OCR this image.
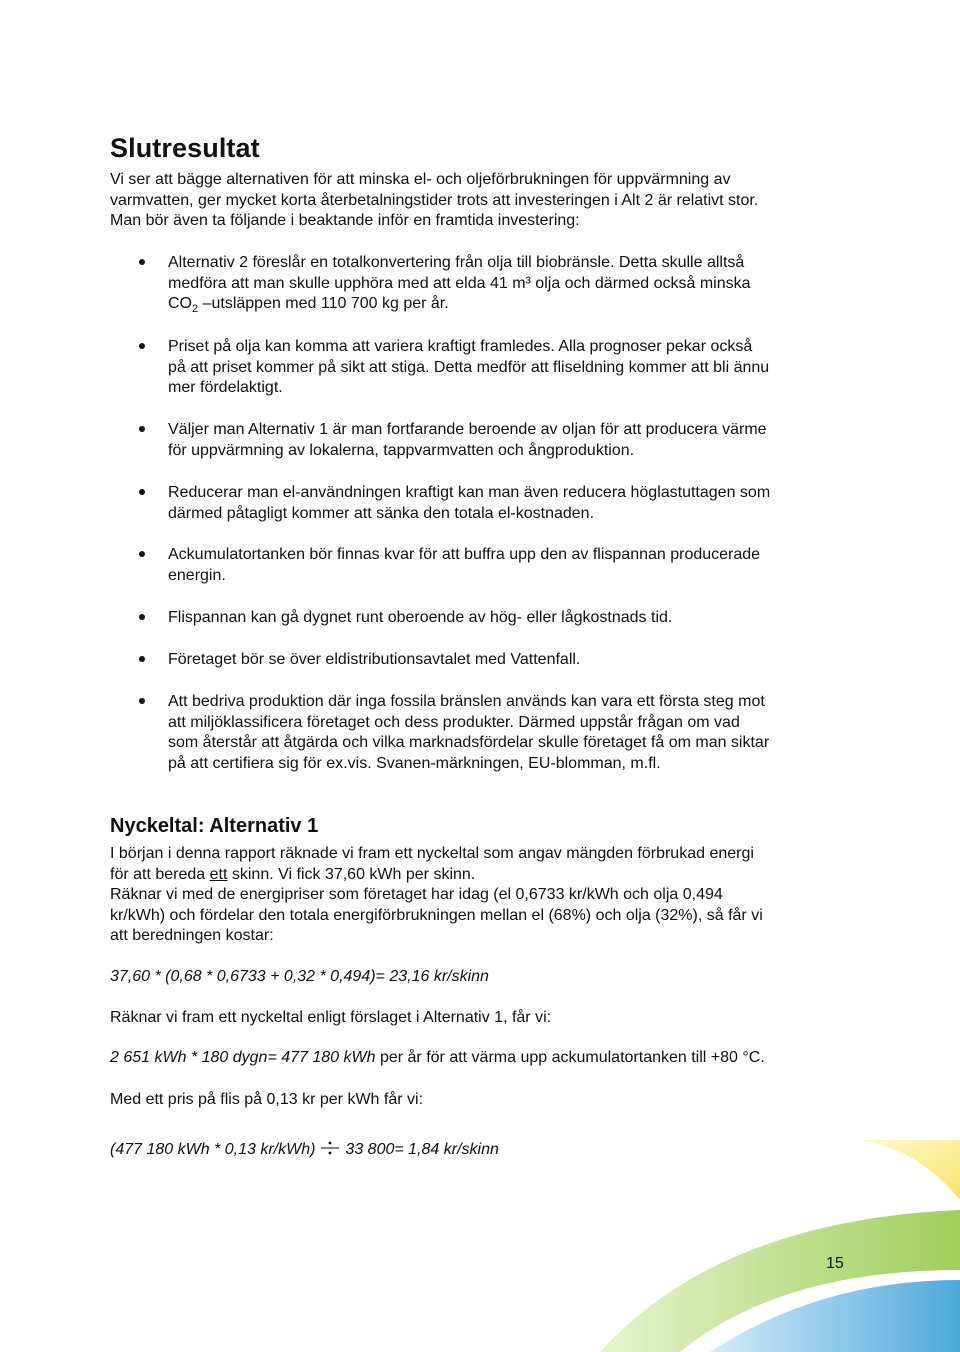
Slutresultat

Vi ser att bägge alternativen för att minska el- och oljeförbrukningen för uppvärmning av

varmvatten, ger mycket korta återbetalningstider trots att investeringen i Alt 2 är relativt stor.

Man bör även ta följande i beaktande inför en framtida investering:

Alternativ 2 föreslår en totalkonvertering från olja till biobränsle. Detta skulle alltså
medföra att man skulle upphöra med att elda 41 m³ olja och därmed också minska
$CO_2$ –utsläppen med 110 700 kg per år.
Priset på olja kan komma att variera kraftigt framledes. Alla prognoser pekar också
på att priset kommer på sikt att stiga. Detta medför att fliseldning kommer att bli ännu
mer fördelaktigt.
Väljer man Alternativ 1 är man fortfarande beroende av oljan för att producera värme
för uppvärmning av lokalerna, tappvarmvatten och ångproduktion.
Reducerar man el-användningen kraftigt kan man även reducera höglastuttagen som
därmed påtagligt kommer att sänka den totala el-kostnaden.
Ackumulatortanken bör finnas kvar för att buffra upp den av flispannan producerade
energin.
Flispannan kan gå dygnet runt oberoende av hög- eller lågkostnads tid.
Företaget bör se över eldistributionsavtalet med Vattenfall.
Att bedriva produktion där inga fossila bränslen används kan vara ett första steg mot
att miljöklassificera företaget och dess produkter. Därmed uppstår frågan om vad
som återstår att åtgärda och vilka marknadsfördelar skulle företaget få om man siktar
på att certifiera sig för ex.vis. Svanen-märkningen, EU-blomman, m.fl.
Nyckeltal: Alternativ 1

I början i denna rapport räknade vi fram ett nyckeltal som angav mängden förbrukad energi

för att bereda ett skinn. Vi fick 37,60 kWh per skinn.

Räknar vi med de energipriser som företaget har idag (el 0,6733 kr/kWh och olja 0,494

kr/kWh) och fördelar den totala energiförbrukningen mellan el (68%) och olja (32%), så får vi

att beredningen kostar:

37,60 * (0,68 * 0,6733 + 0,32 * 0,494)= 23,16 kr/skinn

Räknar vi fram ett nyckeltal enligt förslaget i Alternativ 1, får vi:

2 651 kWh * 180 dygn= 477 180 kWh per år för att värma upp ackumulatortanken till +80 °C.

Med ett pris på flis på 0,13 kr per kWh får vi:

(477 180 kWh * 0,13 kr/kWh) 33 800= 1,84 kr/skinn

15
